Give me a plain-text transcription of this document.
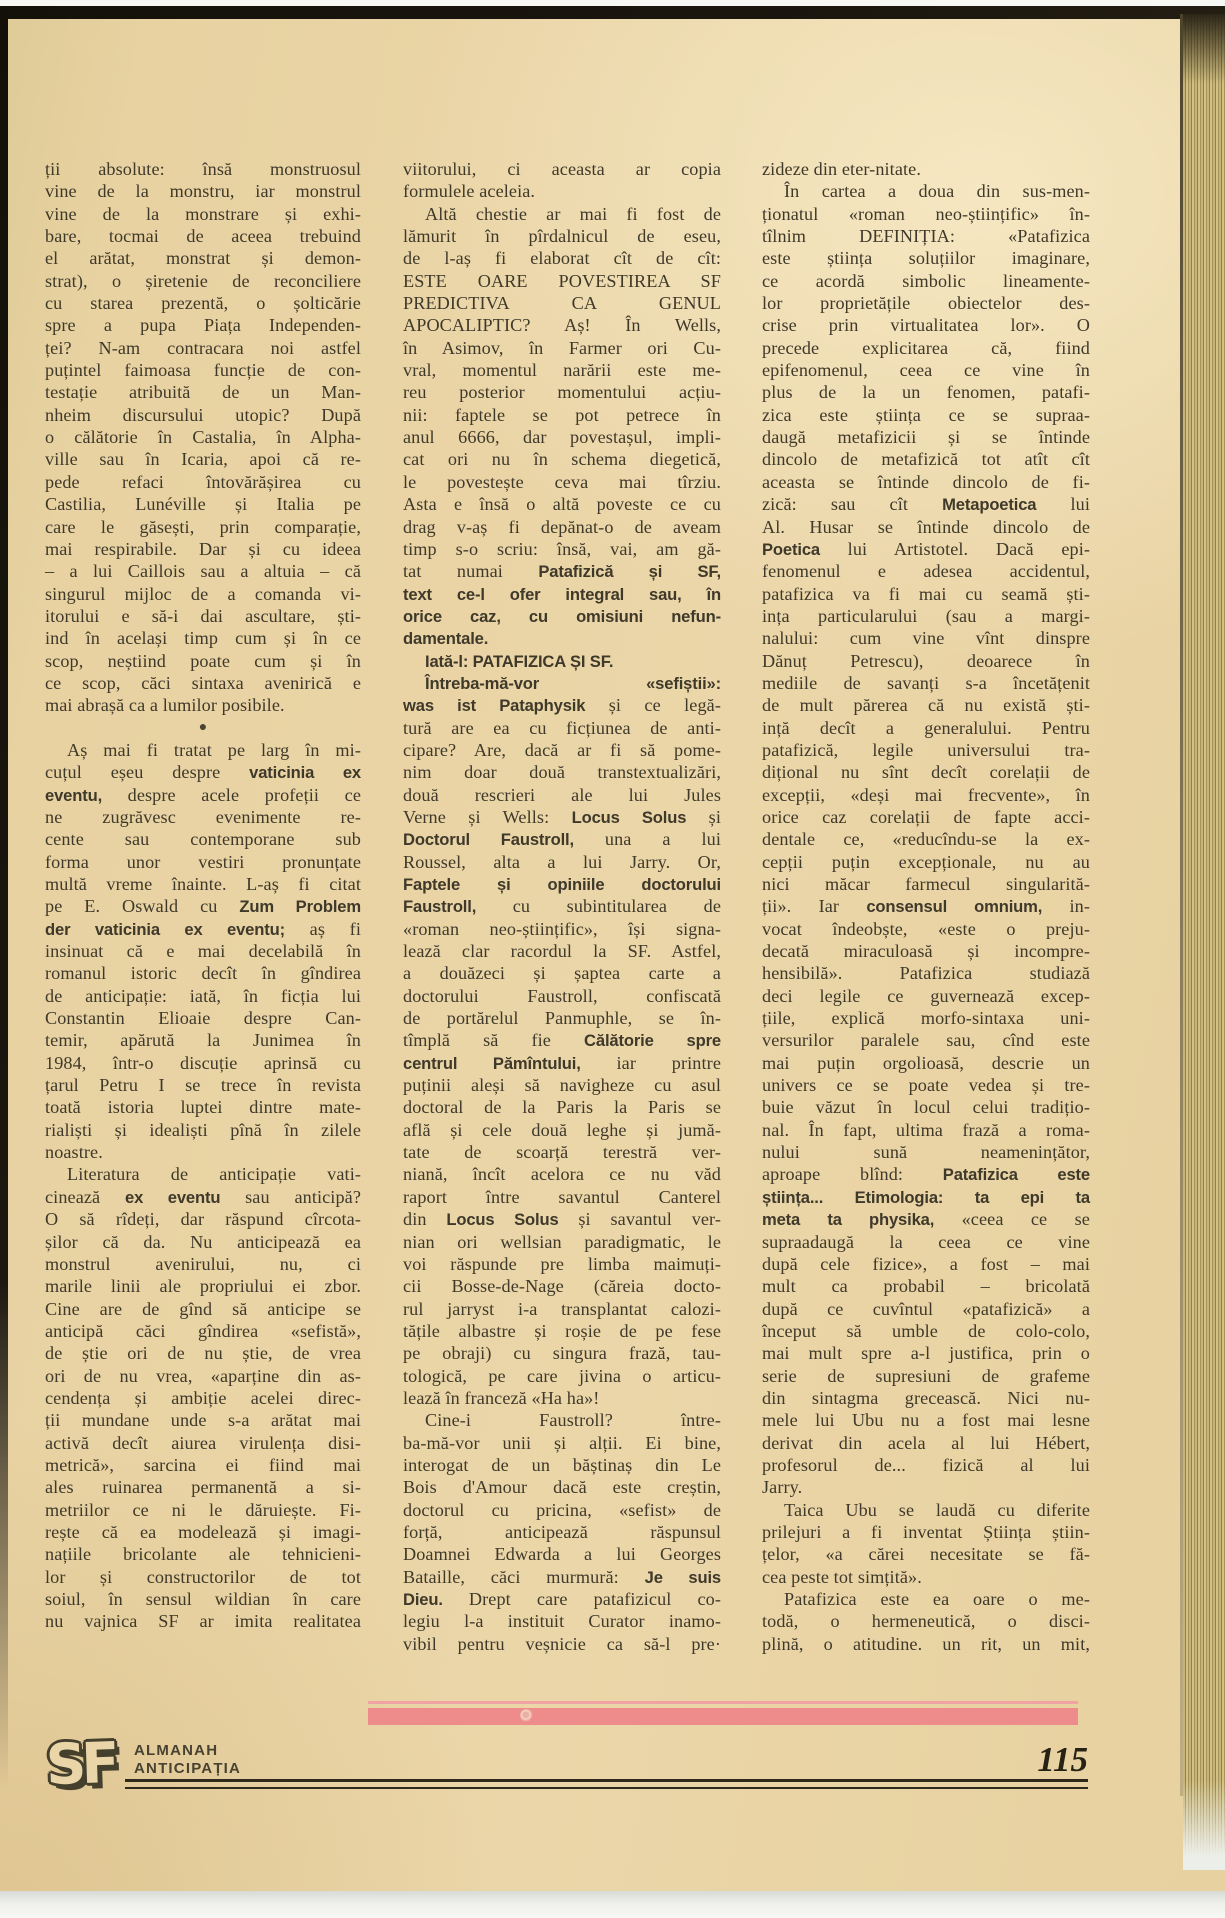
ții absolute: însă monstruosul
vine de la monstru, iar monstrul
vine de la monstrare și exhi-
bare, tocmai de aceea trebuind
el arătat, monstrat și demon-
strat), o șiretenie de reconciliere
cu starea prezentă, o șolticărie
spre a pupa Piața Independen-
ței? N-am contracara noi astfel
puțintel faimoasa funcție de con-
testație atribuită de un Man-
nheim discursului utopic? După
o călătorie în Castalia, în Alpha-
ville sau în Icaria, apoi că re-
pede refaci întovărășirea cu
Castilia, Lunéville și Italia pe
care le găsești, prin comparație,
mai respirabile. Dar și cu ideea
– a lui Caillois sau a altuia – că
singurul mijloc de a comanda vi-
itorului e să-i dai ascultare, ști-
ind în același timp cum și în ce
scop, neștiind poate cum și în
ce scop, căci sintaxa avenirică e
mai abrașă ca a lumilor posibile.
●
Aș mai fi tratat pe larg în mi-
cuțul eșeu despre vaticinia ex
eventu, despre acele profeții ce
ne zugrăvesc evenimente re-
cente sau contemporane sub
forma unor vestiri pronunțate
multă vreme înainte. L-aș fi citat
pe E. Oswald cu Zum Problem
der vaticinia ex eventu; aș fi
insinuat că e mai decelabilă în
romanul istoric decît în gîndirea
de anticipație: iată, în ficția lui
Constantin Elioaie despre Can-
temir, apărută la Junimea în
1984, într-o discuție aprinsă cu
țarul Petru I se trece în revista
toată istoria luptei dintre mate-
rialiști și idealiști pînă în zilele
noastre.
Literatura de anticipație vati-
cinează ex eventu sau anticipă?
O să rîdeți, dar răspund cîrcota-
șilor că da. Nu anticipează ea
monstrul avenirului, nu, ci
marile linii ale propriului ei zbor.
Cine are de gînd să anticipe se
anticipă căci gîndirea «sefistă»,
de știe ori de nu știe, de vrea
ori de nu vrea, «aparține din as-
cendența și ambiție acelei direc-
ții mundane unde s-a arătat mai
activă decît aiurea virulența disi-
metrică», sarcina ei fiind mai
ales ruinarea permanentă a si-
metriilor ce ni le dăruiește. Fi-
rește că ea modelează și imagi-
națiile bricolante ale tehnicieni-
lor și constructorilor de tot
soiul, în sensul wildian în care
nu vajnica SF ar imita realitatea
viitorului, ci aceasta ar copia
formulele aceleia.
Altă chestie ar mai fi fost de
lămurit în pîrdalnicul de eseu,
de l-aș fi elaborat cît de cît:
ESTE OARE POVESTIREA SF
PREDICTIVA CA GENUL
APOCALIPTIC? Aș! În Wells,
în Asimov, în Farmer ori Cu-
vral, momentul narării este me-
reu posterior momentului acțiu-
nii: faptele se pot petrece în
anul 6666, dar povestașul, impli-
cat ori nu în schema diegetică,
le povestește ceva mai tîrziu.
Asta e însă o altă poveste ce cu
drag v-aș fi depănat-o de aveam
timp s-o scriu: însă, vai, am gă-
tat numai Patafizică și SF,
text ce-l ofer integral sau, în
orice caz, cu omisiuni nefun-
damentale.
Iată-l: PATAFIZICA ȘI SF.
Întreba-mă-vor «sefiștii»:
was ist Pataphysik și ce legă-
tură are ea cu ficțiunea de anti-
cipare? Are, dacă ar fi să pome-
nim doar două transtextualizări,
două rescrieri ale lui Jules
Verne și Wells: Locus Solus și
Doctorul Faustroll, una a lui
Roussel, alta a lui Jarry. Or,
Faptele și opiniile doctorului
Faustroll, cu subintitularea de
«roman neo-științific», își signa-
lează clar racordul la SF. Astfel,
a douăzeci și șaptea carte a
doctorului Faustroll, confiscată
de portărelul Panmuphle, se în-
tîmplă să fie Călătorie spre
centrul Pămîntului, iar printre
puținii aleși să navigheze cu asul
doctoral de la Paris la Paris se
află și cele două leghe și jumă-
tate de scoarță terestră ver-
niană, încît acelora ce nu văd
raport între savantul Canterel
din Locus Solus și savantul ver-
nian ori wellsian paradigmatic, le
voi răspunde pre limba maimuți-
cii Bosse-de-Nage (căreia docto-
rul jarryst i-a transplantat calozi-
tățile albastre și roșie de pe fese
pe obraji) cu singura frază, tau-
tologică, pe care jivina o articu-
lează în franceză «Ha ha»!
Cine-i Faustroll? între-
ba-mă-vor unii și alții. Ei bine,
interogat de un băștinaș din Le
Bois d'Amour dacă este creștin,
doctorul cu pricina, «sefist» de
forță, anticipează răspunsul
Doamnei Edwarda a lui Georges
Bataille, căci murmură: Je suis
Dieu. Drept care patafizicul co-
legiu l-a instituit Curator inamo-
vibil pentru veșnicie ca să-l pre·
zideze din eter-nitate.
În cartea a doua din sus-men-
ționatul «roman neo-științific» în-
tîlnim DEFINIȚIA: «Patafizica
este știința soluțiilor imaginare,
ce acordă simbolic lineamente-
lor proprietățile obiectelor des-
crise prin virtualitatea lor». O
precede explicitarea că, fiind
epifenomenul, ceea ce vine în
plus de la un fenomen, patafi-
zica este știința ce se supraa-
daugă metafizicii și se întinde
dincolo de metafizică tot atît cît
aceasta se întinde dincolo de fi-
zică: sau cît Metapoetica lui
Al. Husar se întinde dincolo de
Poetica lui Artistotel. Dacă epi-
fenomenul e adesea accidentul,
patafizica va fi mai cu seamă ști-
ința particularului (sau a margi-
nalului: cum vine vînt dinspre
Dănuț Petrescu), deoarece în
mediile de savanți s-a încetățenit
de mult părerea că nu există ști-
ință decît a generalului. Pentru
patafizică, legile universului tra-
dițional nu sînt decît corelații de
excepții, «deși mai frecvente», în
orice caz corelații de fapte acci-
dentale ce, «reducîndu-se la ex-
cepții puțin excepționale, nu au
nici măcar farmecul singularită-
ții». Iar consensul omnium, in-
vocat îndeobște, «este o preju-
decată miraculoasă și incompre-
hensibilă». Patafizica studiază
deci legile ce guvernează excep-
țiile, explică morfo-sintaxa uni-
versurilor paralele sau, cînd este
mai puțin orgolioasă, descrie un
univers ce se poate vedea și tre-
buie văzut în locul celui tradițio-
nal. În fapt, ultima frază a roma-
nului sună neamenințător,
aproape blînd: Patafizica este
știința... Etimologia: ta epi ta
meta ta physika, «ceea ce se
supraadaugă la ceea ce vine
după cele fizice», a fost – mai
mult ca probabil – bricolată
după ce cuvîntul «patafizică» a
început să umble de colo-colo,
mai mult spre a-l justifica, prin o
serie de supresiuni de grafeme
din sintagma grecească. Nici nu-
mele lui Ubu nu a fost mai lesne
derivat din acela al lui Hébert,
profesorul de... fizică al lui
Jarry.
Taica Ubu se laudă cu diferite
prilejuri a fi inventat Știința știin-
țelor, «a cărei necesitate se fă-
cea peste tot simțită».
Patafizica este ea oare o me-
todă, o hermeneutică, o disci-
plină, o atitudine. un rit, un mit,
SF ALMANAH
ANTICIPAȚIA	115
